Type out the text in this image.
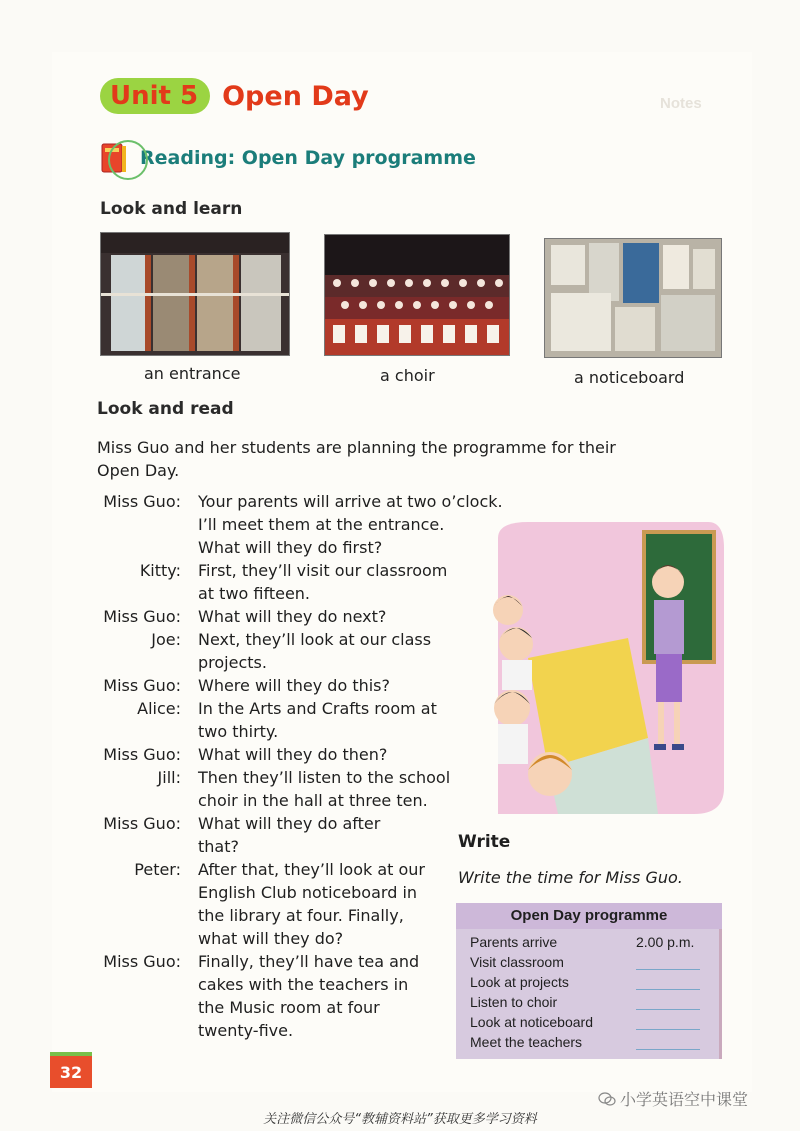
Notes
Unit 5 Open Day
Reading: Open Day programme
Look and learn
an entrance	a choir	a noticeboard
Look and read
Miss Guo and her students are planning the programme for their Open Day.
Miss Guo: Your parents will arrive at two o’clock.
I’ll meet them at the entrance.
What will they do first?
Kitty: First, they’ll visit our classroom
at two fifteen.
Miss Guo: What will they do next?
Joe: Next, they’ll look at our class
projects.
Miss Guo: Where will they do this?
Alice: In the Arts and Crafts room at
two thirty.
Miss Guo: What will they do then?
Jill: Then they’ll listen to the school
choir in the hall at three ten.
Miss Guo: What will they do after
that?
Peter: After that, they’ll look at our
English Club noticeboard in
the library at four. Finally,
what will they do?
Miss Guo: Finally, they’ll have tea and
cakes with the teachers in
the Music room at four
twenty-five.
Write
Write the time for Miss Guo.
Open Day programme
Parents arrive	2.00 p.m.
Visit classroom
Look at projects
Listen to choir
Look at noticeboard
Meet the teachers
32
小学英语空中课堂
关注微信公众号“教辅资料站”获取更多学习资料
